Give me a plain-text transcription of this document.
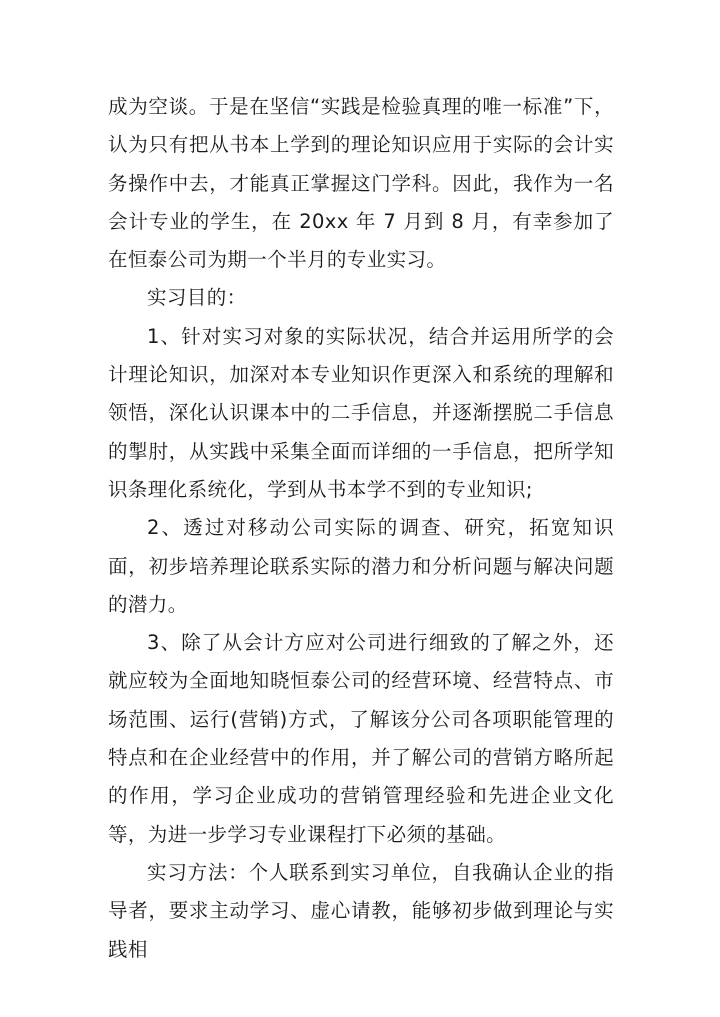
成为空谈。于是在坚信“实践是检验真理的唯一标准”下，认为只有把从书本上学到的理论知识应用于实际的会计实务操作中去，才能真正掌握这门学科。因此，我作为一名会计专业的学生，在 20xx 年 7 月到 8 月，有幸参加了在恒泰公司为期一个半月的专业实习。

实习目的：

1、针对实习对象的实际状况，结合并运用所学的会计理论知识，加深对本专业知识作更深入和系统的理解和领悟，深化认识课本中的二手信息，并逐渐摆脱二手信息的掣肘，从实践中采集全面而详细的一手信息，把所学知识条理化系统化，学到从书本学不到的专业知识;

2、透过对移动公司实际的调查、研究，拓宽知识面，初步培养理论联系实际的潜力和分析问题与解决问题的潜力。

3、除了从会计方应对公司进行细致的了解之外，还就应较为全面地知晓恒泰公司的经营环境、经营特点、市场范围、运行(营销)方式，了解该分公司各项职能管理的特点和在企业经营中的作用，并了解公司的营销方略所起的作用，学习企业成功的营销管理经验和先进企业文化等，为进一步学习专业课程打下必须的基础。

实习方法：个人联系到实习单位，自我确认企业的指导者，要求主动学习、虚心请教，能够初步做到理论与实践相
